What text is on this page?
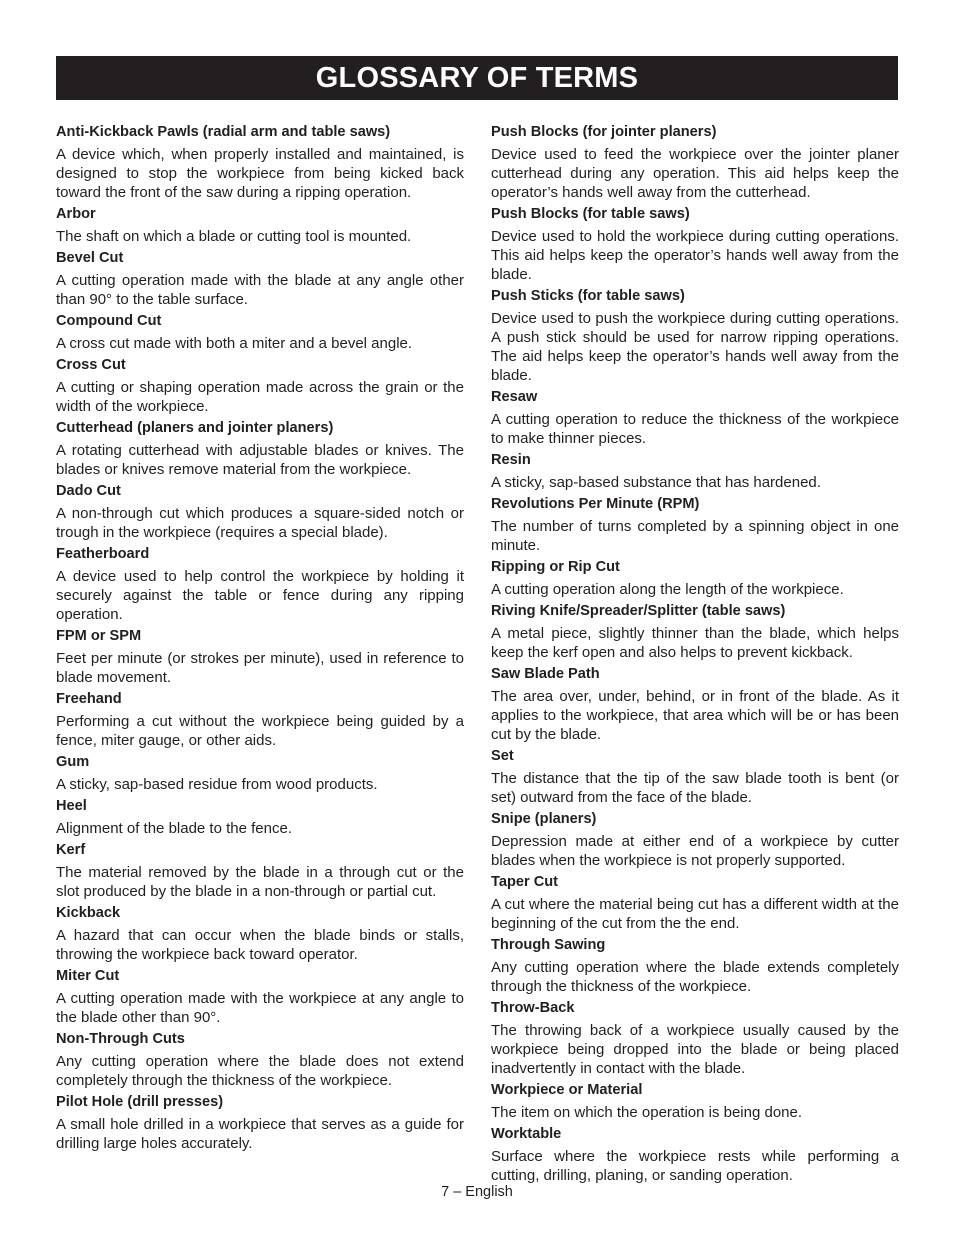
GLOSSARY OF TERMS

Anti-Kickback Pawls (radial arm and table saws)

A device which, when properly installed and maintained, is designed to stop the workpiece from being kicked back toward the front of the saw during a ripping operation.

Arbor

The shaft on which a blade or cutting tool is mounted.

Bevel Cut

A cutting operation made with the blade at any angle other than 90° to the table surface.

Compound Cut

A cross cut made with both a miter and a bevel angle.

Cross Cut

A cutting or shaping operation made across the grain or the width of the workpiece.

Cutterhead (planers and jointer planers)

A rotating cutterhead with adjustable blades or knives. The blades or knives remove material from the workpiece.

Dado Cut

A non-through cut which produces a square-sided notch or trough in the workpiece (requires a special blade).

Featherboard

A device used to help control the workpiece by holding it securely against the table or fence during any ripping operation.

FPM or SPM

Feet per minute (or strokes per minute), used in reference to blade movement.

Freehand

Performing a cut without the workpiece being guided by a fence, miter gauge, or other aids.

Gum

A sticky, sap-based residue from wood products.

Heel

Alignment of the blade to the fence.

Kerf

The material removed by the blade in a through cut or the slot produced by the blade in a non-through or partial cut.

Kickback

A hazard that can occur when the blade binds or stalls, throwing the workpiece back toward operator.

Miter Cut

A cutting operation made with the workpiece at any angle to the blade other than 90°.

Non-Through Cuts

Any cutting operation where the blade does not extend completely through the thickness of the workpiece.

Pilot Hole (drill presses)

A small hole drilled in a workpiece that serves as a guide for drilling large holes accurately.

Push Blocks (for jointer planers)

Device used to feed the workpiece over the jointer planer cutterhead during any operation. This aid helps keep the operator’s hands well away from the cutterhead.

Push Blocks (for table saws)

Device used to hold the workpiece during cutting operations. This aid helps keep the operator’s hands well away from the blade.

Push Sticks (for table saws)

Device used to push the workpiece during cutting operations. A push stick should be used for narrow ripping operations. The aid helps keep the operator’s hands well away from the blade.

Resaw

A cutting operation to reduce the thickness of the workpiece to make thinner pieces.

Resin

A sticky, sap-based substance that has hardened.

Revolutions Per Minute (RPM)

The number of turns completed by a spinning object in one minute.

Ripping or Rip Cut

A cutting operation along the length of the workpiece.

Riving Knife/Spreader/Splitter (table saws)

A metal piece, slightly thinner than the blade, which helps keep the kerf open and also helps to prevent kickback.

Saw Blade Path

The area over, under, behind, or in front of the blade. As it applies to the workpiece, that area which will be or has been cut by the blade.

Set

The distance that the tip of the saw blade tooth is bent (or set) outward from the face of the blade.

Snipe (planers)

Depression made at either end of a workpiece by cutter blades when the workpiece is not properly supported.

Taper Cut

A cut where the material being cut has a different width at the beginning of the cut from the the end.

Through Sawing

Any cutting operation where the blade extends completely through the thickness of the workpiece.

Throw-Back

The throwing back of a workpiece usually caused by the workpiece being dropped into the blade or being placed inadvertently in contact with the blade.

Workpiece or Material

The item on which the operation is being done.

Worktable

Surface where the workpiece rests while performing a cutting, drilling, planing, or sanding operation.

7 – English
